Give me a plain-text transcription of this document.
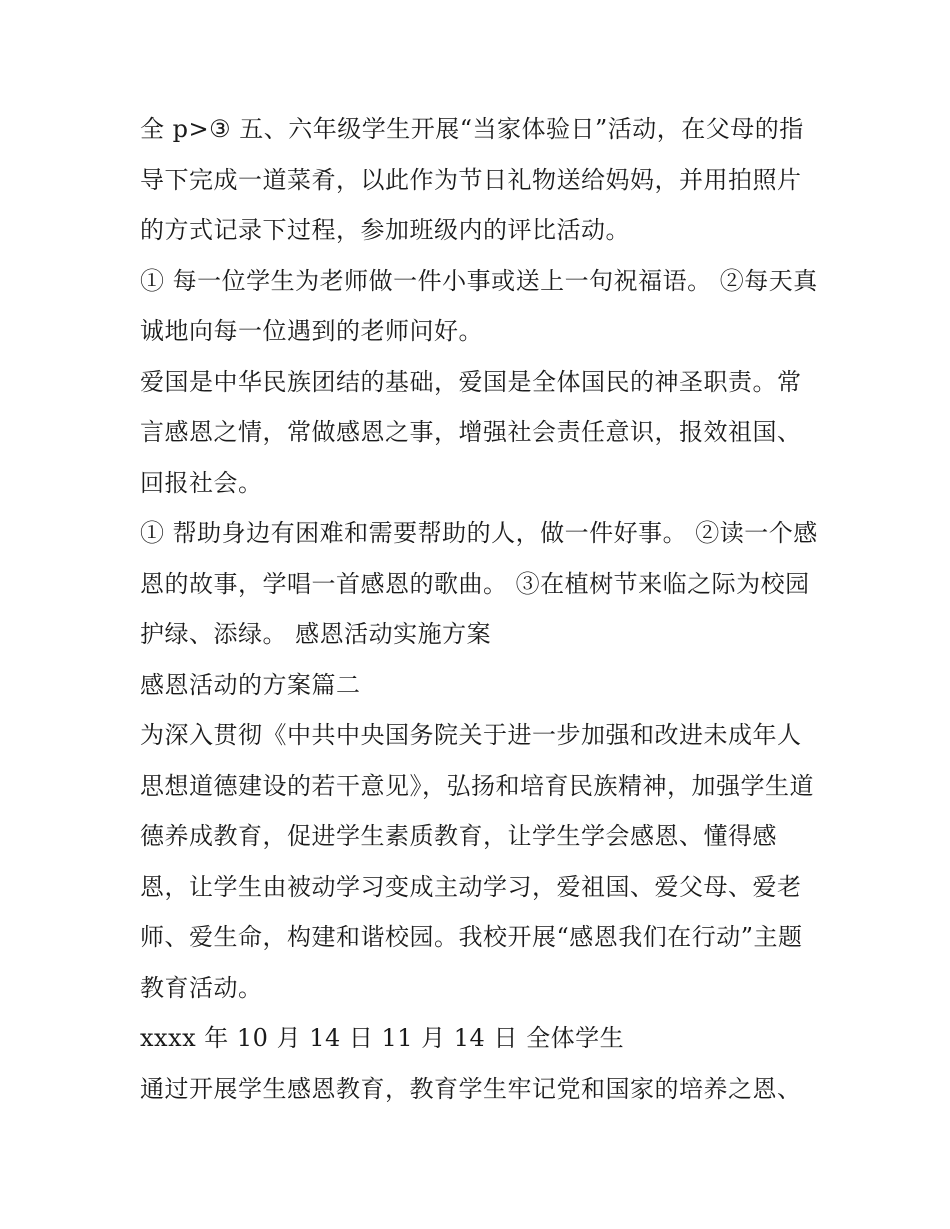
全 p>③ 五、六年级学生开展“当家体验日”活动，在父母的指导下完成一道菜肴，以此作为节日礼物送给妈妈，并用拍照片的方式记录下过程，参加班级内的评比活动。

① 每一位学生为老师做一件小事或送上一句祝福语。 ②每天真诚地向每一位遇到的老师问好。

爱国是中华民族团结的基础，爱国是全体国民的神圣职责。常言感恩之情，常做感恩之事，增强社会责任意识，报效祖国、回报社会。

① 帮助身边有困难和需要帮助的人，做一件好事。 ②读一个感恩的故事，学唱一首感恩的歌曲。 ③在植树节来临之际为校园护绿、添绿。 感恩活动实施方案

感恩活动的方案篇二

为深入贯彻《中共中央国务院关于进一步加强和改进未成年人思想道德建设的若干意见》，弘扬和培育民族精神，加强学生道德养成教育，促进学生素质教育，让学生学会感恩、懂得感恩，让学生由被动学习变成主动学习，爱祖国、爱父母、爱老师、爱生命，构建和谐校园。我校开展“感恩我们在行动”主题教育活动。

xxxx 年 10 月 14 日 11 月 14 日 全体学生

通过开展学生感恩教育，教育学生牢记党和国家的培养之恩、
